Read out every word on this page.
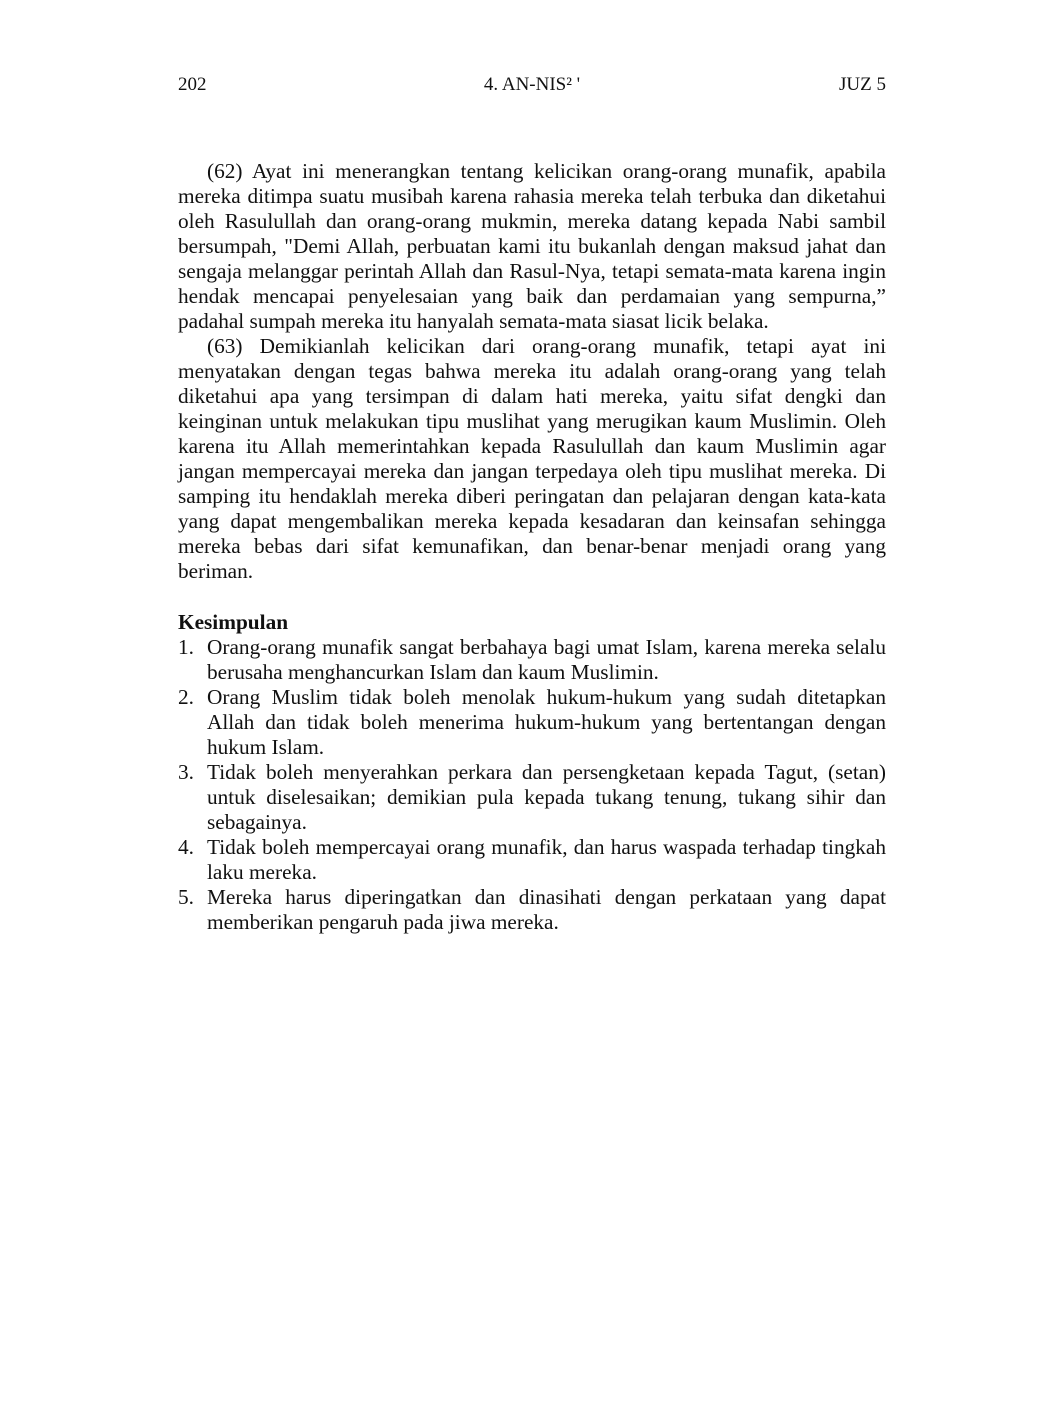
202	4. AN-NIS² '	JUZ 5

(62) Ayat ini menerangkan tentang kelicikan orang-orang munafik, apabila mereka ditimpa suatu musibah karena rahasia mereka telah terbuka dan diketahui oleh Rasulullah dan orang-orang mukmin, mereka datang kepada Nabi sambil bersumpah, "Demi Allah, perbuatan kami itu bukanlah dengan maksud jahat dan sengaja melanggar perintah Allah dan Rasul-Nya, tetapi semata-mata karena ingin hendak mencapai penyelesaian yang baik dan perdamaian yang sempurna,” padahal sumpah mereka itu hanyalah semata-mata siasat licik belaka.

(63) Demikianlah kelicikan dari orang-orang munafik, tetapi ayat ini menyatakan dengan tegas bahwa mereka itu adalah orang-orang yang telah diketahui apa yang tersimpan di dalam hati mereka, yaitu sifat dengki dan keinginan untuk melakukan tipu muslihat yang merugikan kaum Muslimin. Oleh karena itu Allah memerintahkan kepada Rasulullah dan kaum Muslimin agar jangan mempercayai mereka dan jangan terpedaya oleh tipu muslihat mereka. Di samping itu hendaklah mereka diberi peringatan dan pelajaran dengan kata-kata yang dapat mengembalikan mereka kepada kesadaran dan keinsafan sehingga mereka bebas dari sifat kemunafikan, dan benar-benar menjadi orang yang beriman.

Kesimpulan
1. Orang-orang munafik sangat berbahaya bagi umat Islam, karena mereka selalu berusaha menghancurkan Islam dan kaum Muslimin.
2. Orang Muslim tidak boleh menolak hukum-hukum yang sudah ditetapkan Allah dan tidak boleh menerima hukum-hukum yang bertentangan dengan hukum Islam.
3. Tidak boleh menyerahkan perkara dan persengketaan kepada Tagut, (setan) untuk diselesaikan; demikian pula kepada tukang tenung, tukang sihir dan sebagainya.
4. Tidak boleh mempercayai orang munafik, dan harus waspada terhadap tingkah laku mereka.
5. Mereka harus diperingatkan dan dinasihati dengan perkataan yang dapat memberikan pengaruh pada jiwa mereka.
